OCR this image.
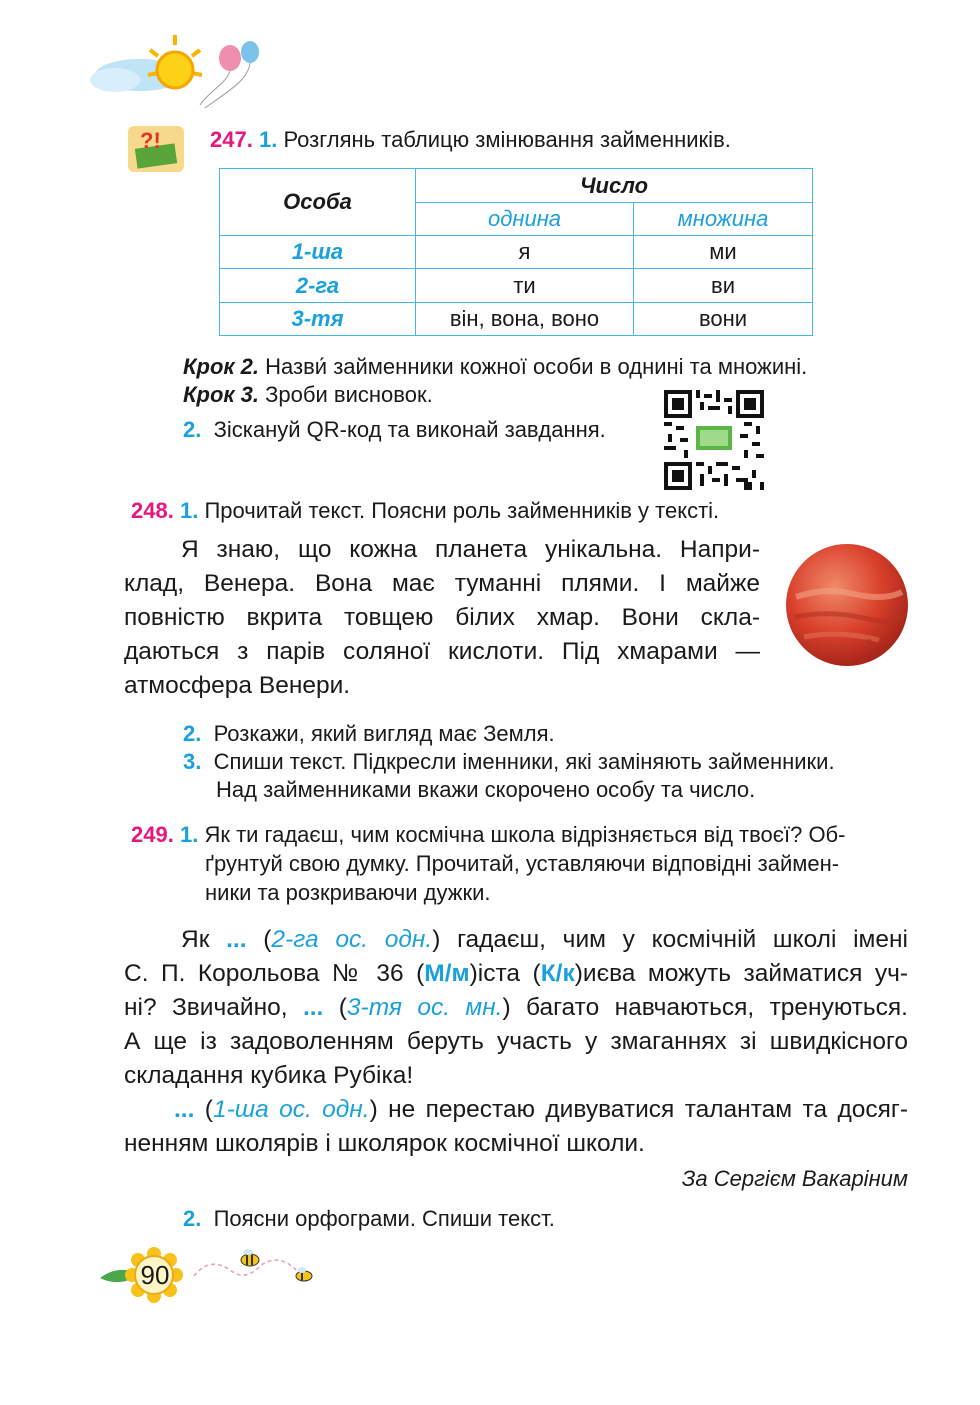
?! 247. 1. Розглянь таблицю змінювання займенників.
Особа	Число	
	однина	множина
1-ша	я	ми
2-га	ти	ви
3-тя	він, вона, воно	вони
Крок 2. Назви́ займенники кожної особи в однині та множині.
Крок 3. Зроби висновок.
2. Зіскануй QR-код та виконай завдання.
248. 1. Прочитай текст. Поясни роль займенників у тексті.
Я знаю, що кожна планета унікальна. Напри-
клад, Венера. Вона має туманні плями. І майже
повністю вкрита товщею білих хмар. Вони скла-
даються з парів соляної кислоти. Під хмарами —
атмосфера Венери.
2. Розкажи, який вигляд має Земля.
3. Спиши текст. Підкресли іменники, які заміняють займенники.
Над займенниками вкажи скорочено особу та число.
249. 1. Як ти гадаєш, чим космічна школа відрізняється від твоєї? Об-
ґрунтуй свою думку. Прочитай, уставляючи відповідні займен-
ники та розкриваючи дужки.
Як ... (2-га ос. одн.) гадаєш, чим у космічній школі імені
С. П. Корольова № 36 (М/м)іста (К/к)иєва можуть займатися уч-
ні? Звичайно, ... (3-тя ос. мн.) багато навчаються, тренуються.
А ще із задоволенням беруть участь у змаганнях зі швидкісного
складання кубика Рубіка!
... (1-ша ос. одн.) не перестаю дивуватися талантам та досяг-
ненням школярів і школярок космічної школи.
За Сергієм Вакаріним
2. Поясни орфограми. Спиши текст.
90
